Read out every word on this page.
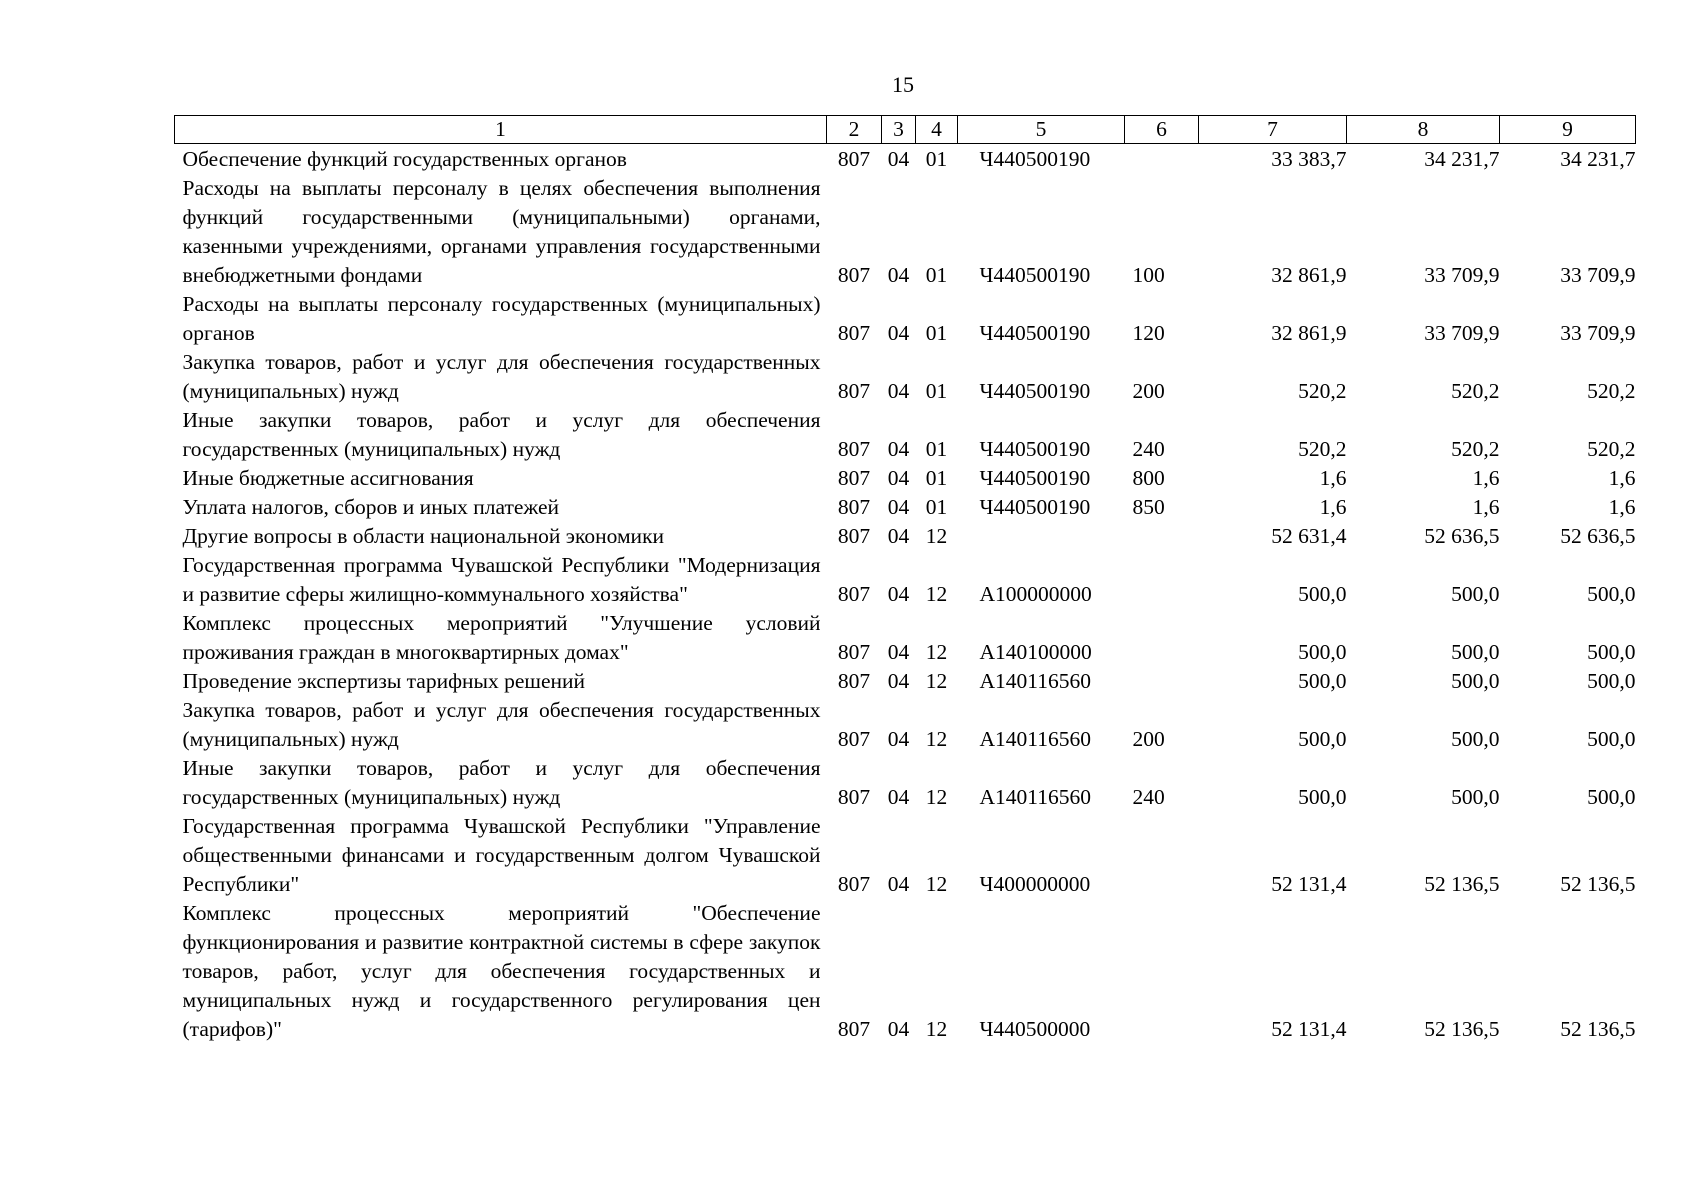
15
1	2	3	4	5	6	7	8	9
Обеспечение функций государственных органов	807	04	01	Ч440500190		33 383,7	34 231,7	34 231,7
Расходы на выплаты персоналу в целях обеспечения выполнения функций государственными (муниципальными) органами, казенными учреждениями, органами управления государственными внебюджетными фондами	807	04	01	Ч440500190	100	32 861,9	33 709,9	33 709,9
Расходы на выплаты персоналу государственных (муниципальных) органов	807	04	01	Ч440500190	120	32 861,9	33 709,9	33 709,9
Закупка товаров, работ и услуг для обеспечения государственных (муниципальных) нужд	807	04	01	Ч440500190	200	520,2	520,2	520,2
Иные закупки товаров, работ и услуг для обеспечения государственных (муниципальных) нужд	807	04	01	Ч440500190	240	520,2	520,2	520,2
Иные бюджетные ассигнования	807	04	01	Ч440500190	800	1,6	1,6	1,6
Уплата налогов, сборов и иных платежей	807	04	01	Ч440500190	850	1,6	1,6	1,6
Другие вопросы в области национальной экономики	807	04	12			52 631,4	52 636,5	52 636,5
Государственная программа Чувашской Республики "Модернизация и развитие сферы жилищно-коммунального хозяйства"	807	04	12	А100000000		500,0	500,0	500,0
Комплекс процессных мероприятий "Улучшение условий проживания граждан в многоквартирных домах"	807	04	12	А140100000		500,0	500,0	500,0
Проведение экспертизы тарифных решений	807	04	12	А140116560		500,0	500,0	500,0
Закупка товаров, работ и услуг для обеспечения государственных (муниципальных) нужд	807	04	12	А140116560	200	500,0	500,0	500,0
Иные закупки товаров, работ и услуг для обеспечения государственных (муниципальных) нужд	807	04	12	А140116560	240	500,0	500,0	500,0
Государственная программа Чувашской Республики "Управление общественными финансами и государственным долгом Чувашской Республики"	807	04	12	Ч400000000		52 131,4	52 136,5	52 136,5
Комплекс процессных мероприятий "Обеспечение функционирования и развитие контрактной системы в сфере закупок товаров, работ, услуг для обеспечения государственных и муниципальных нужд и государственного регулирования цен (тарифов)"	807	04	12	Ч440500000		52 131,4	52 136,5	52 136,5
